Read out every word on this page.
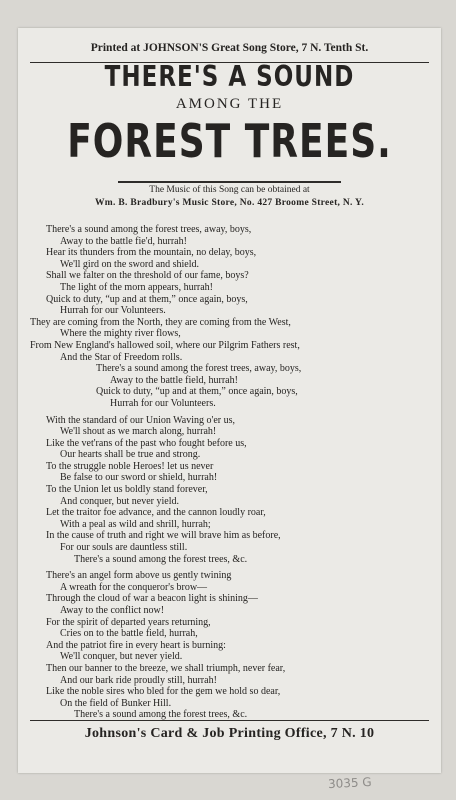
Printed at JOHNSON'S Great Song Store, 7 N. Tenth St.
THERE'S A SOUND
AMONG THE
FOREST TREES.
The Music of this Song can be obtained at
Wm. B. Bradbury's Music Store, No. 427 Broome Street, N. Y.
There's a sound among the forest trees, away, boys,
Away to the battle fie'd, hurrah!
Hear its thunders from the mountain, no delay, boys,
We'll gird on the sword and shield.
Shall we falter on the threshold of our fame, boys?
The light of the morn appears, hurrah!
Quick to duty, “up and at them,” once again, boys,
Hurrah for our Volunteers.
They are coming from the North, they are coming from the West,
Where the mighty river flows,
From New England's hallowed soil, where our Pilgrim Fathers rest,
And the Star of Freedom rolls.
There's a sound among the forest trees, away, boys,
Away to the battle field, hurrah!
Quick to duty, “up and at them,” once again, boys,
Hurrah for our Volunteers.
With the standard of our Union Waving o'er us,
We'll shout as we march along, hurrah!
Like the vet'rans of the past who fought before us,
Our hearts shall be true and strong.
To the struggle noble Heroes! let us never
Be false to our sword or shield, hurrah!
To the Union let us boldly stand forever,
And conquer, but never yield.
Let the traitor foe advance, and the cannon loudly roar,
With a peal as wild and shrill, hurrah;
In the cause of truth and right we will brave him as before,
For our souls are dauntless still.
There's a sound among the forest trees, &c.
There's an angel form above us gently twining
A wreath for the conqueror's brow—
Through the cloud of war a beacon light is shining—
Away to the conflict now!
For the spirit of departed years returning,
Cries on to the battle field, hurrah,
And the patriot fire in every heart is burning:
We'll conquer, but never yield.
Then our banner to the breeze, we shall triumph, never fear,
And our bark ride proudly still, hurrah!
Like the noble sires who bled for the gem we hold so dear,
On the field of Bunker Hill.
There's a sound among the forest trees, &c.
Johnson's Card & Job Printing Office, 7 N. 10
3035 G
